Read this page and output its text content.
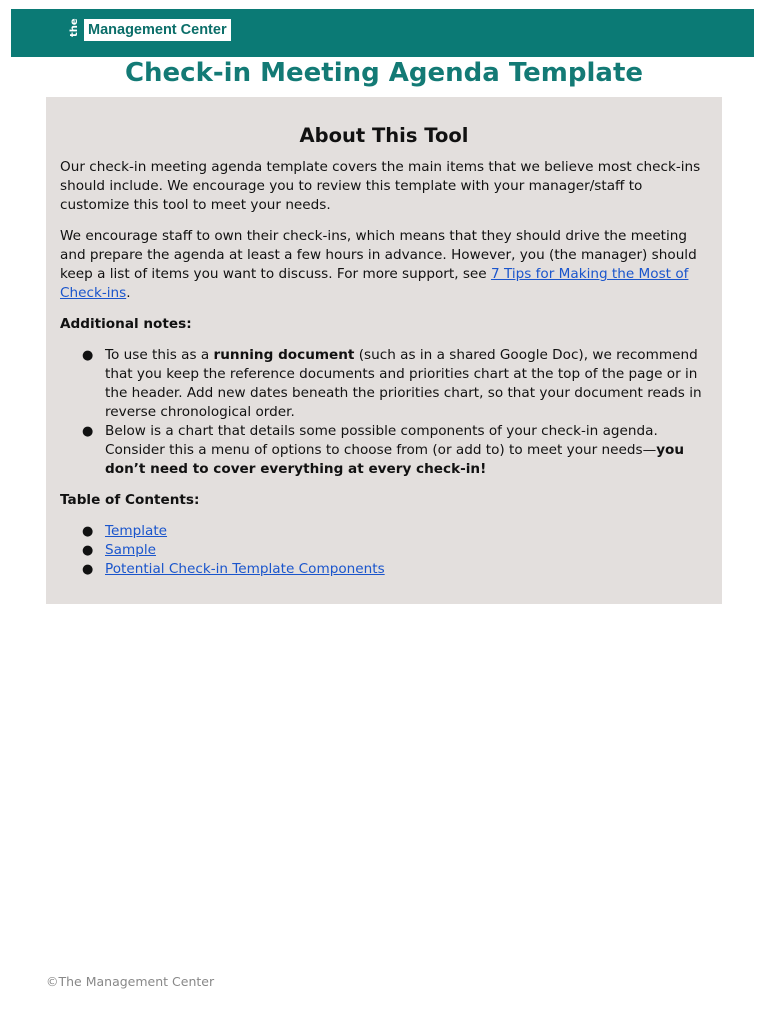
the Management Center
Check-in Meeting Agenda Template
About This Tool

Our check-in meeting agenda template covers the main items that we believe most check-ins should include. We encourage you to review this template with your manager/staff to customize this tool to meet your needs.

We encourage staff to own their check-ins, which means that they should drive the meeting and prepare the agenda at least a few hours in advance. However, you (the manager) should keep a list of items you want to discuss. For more support, see 7 Tips for Making the Most of Check-ins.

Additional notes:
● To use this as a running document (such as in a shared Google Doc), we recommend that you keep the reference documents and priorities chart at the top of the page or in the header. Add new dates beneath the priorities chart, so that your document reads in reverse chronological order.
● Below is a chart that details some possible components of your check-in agenda. Consider this a menu of options to choose from (or add to) to meet your needs—you don’t need to cover everything at every check-in!
Table of Contents:
● Template
● Sample
● Potential Check-in Template Components
©The Management Center
